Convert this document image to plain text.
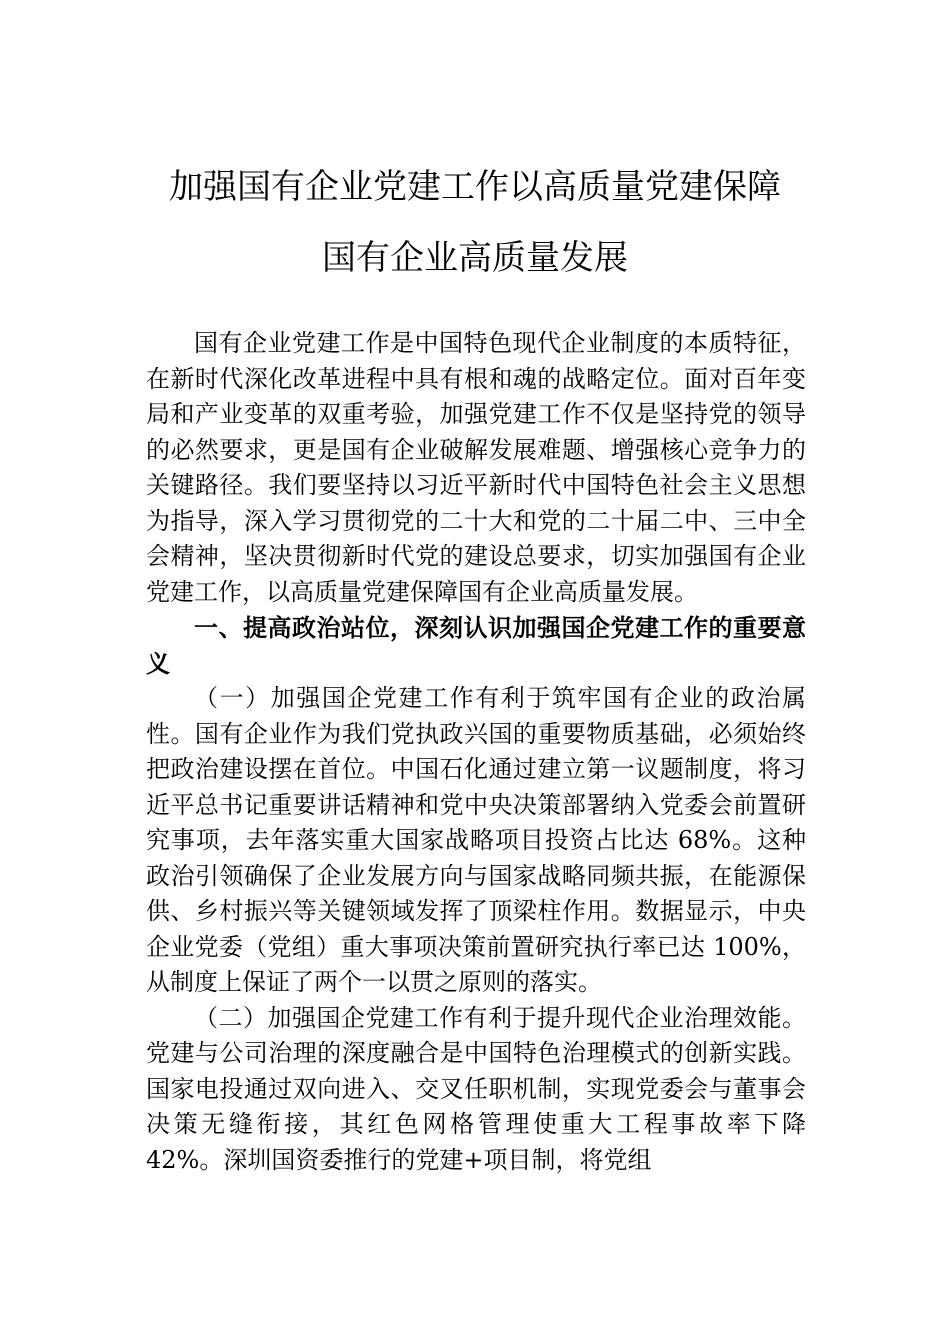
加强国有企业党建工作以高质量党建保障
国有企业高质量发展

国有企业党建工作是中国特色现代企业制度的本质特征，在新时代深化改革进程中具有根和魂的战略定位。面对百年变局和产业变革的双重考验，加强党建工作不仅是坚持党的领导的必然要求，更是国有企业破解发展难题、增强核心竞争力的关键路径。我们要坚持以习近平新时代中国特色社会主义思想为指导，深入学习贯彻党的二十大和党的二十届二中、三中全会精神，坚决贯彻新时代党的建设总要求，切实加强国有企业党建工作，以高质量党建保障国有企业高质量发展。

一、提高政治站位，深刻认识加强国企党建工作的重要意义

（一）加强国企党建工作有利于筑牢国有企业的政治属性。国有企业作为我们党执政兴国的重要物质基础，必须始终把政治建设摆在首位。中国石化通过建立第一议题制度，将习近平总书记重要讲话精神和党中央决策部署纳入党委会前置研究事项，去年落实重大国家战略项目投资占比达 68%。这种政治引领确保了企业发展方向与国家战略同频共振，在能源保供、乡村振兴等关键领域发挥了顶梁柱作用。数据显示，中央企业党委（党组）重大事项决策前置研究执行率已达 100%，从制度上保证了两个一以贯之原则的落实。

（二）加强国企党建工作有利于提升现代企业治理效能。党建与公司治理的深度融合是中国特色治理模式的创新实践。国家电投通过双向进入、交叉任职机制，实现党委会与董事会决策无缝衔接，其红色网格管理使重大工程事故率下降 42%。深圳国资委推行的党建+项目制，将党组
